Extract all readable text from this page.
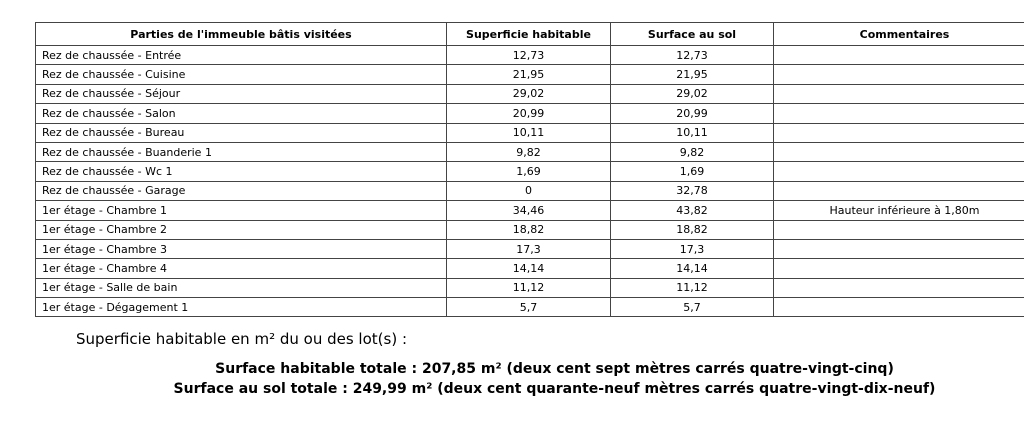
Parties de l'immeuble bâtis visitées	Superficie habitable	Surface au sol	Commentaires
Rez de chaussée - Entrée	12,73	12,73	
Rez de chaussée - Cuisine	21,95	21,95	
Rez de chaussée - Séjour	29,02	29,02	
Rez de chaussée - Salon	20,99	20,99	
Rez de chaussée - Bureau	10,11	10,11	
Rez de chaussée - Buanderie 1	9,82	9,82	
Rez de chaussée - Wc 1	1,69	1,69	
Rez de chaussée - Garage	0	32,78	
1er étage - Chambre 1	34,46	43,82	Hauteur inférieure à 1,80m
1er étage - Chambre 2	18,82	18,82	
1er étage - Chambre 3	17,3	17,3	
1er étage - Chambre 4	14,14	14,14	
1er étage - Salle de bain	11,12	11,12	
1er étage - Dégagement 1	5,7	5,7	
Superficie habitable en m² du ou des lot(s) :
Surface habitable totale : 207,85 m² (deux cent sept mètres carrés quatre-vingt-cinq)
Surface au sol totale : 249,99 m² (deux cent quarante-neuf mètres carrés quatre-vingt-dix-neuf)
